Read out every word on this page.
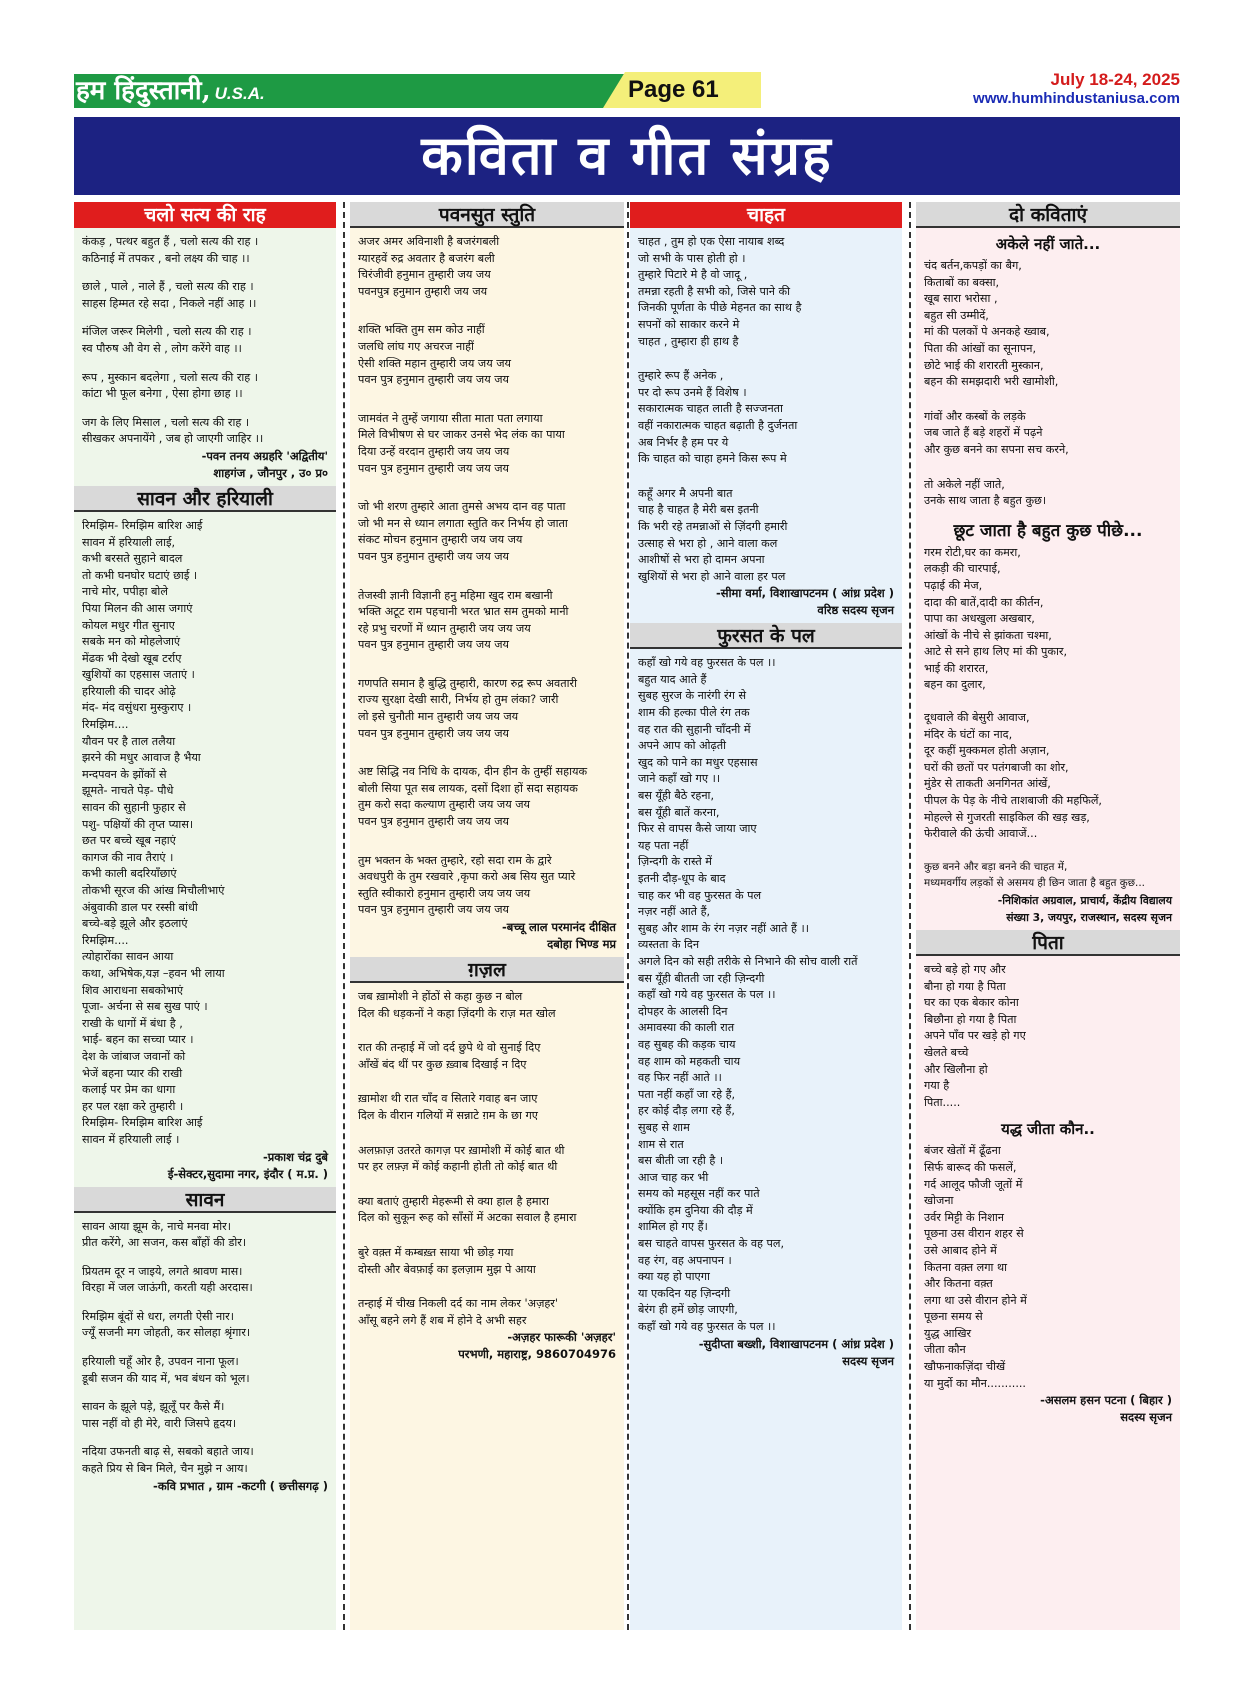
हम हिंदुस्तानी, U.S.A.	Page 61	July 18-24, 2025
www.humhindustaniusa.com
कविता व गीत संग्रह
चलो सत्य की राह
कंकड़ , पत्थर बहुत हैं , चलो सत्य की राह ।
कठिनाई में तपकर , बनो लक्ष्य की चाह ।।
छाले , पाले , नाले हैं , चलो सत्य की राह ।
साहस हिम्मत रहे सदा , निकले नहीं आह ।।
मंजिल जरूर मिलेगी , चलो सत्य की राह ।
स्व पौरुष औ वेग से , लोग करेंगे वाह ।।
रूप , मुस्कान बदलेगा , चलो सत्य की राह ।
कांटा भी फूल बनेगा , ऐसा होगा छाह ।।
जग के लिए मिसाल , चलो सत्य की राह ।
सीखकर अपनायेंगे , जब हो जाएगी जाहिर ।।
-पवन तनय अग्रहरि 'अद्वितीय'
शाहगंज , जौनपुर , उ० प्र०
सावन और हरियाली
रिमझिम- रिमझिम बारिश आई
सावन में हरियाली लाई,
कभी बरसते सुहाने बादल
तो कभी घनघोर घटाएं छाई ।
नाचे मोर, पपीहा बोले
पिया मिलन की आस जगाएं
कोयल मधुर गीत सुनाए
सबके मन को मोहलेजाएं
मेंढक भी देखो खूब टर्राए
खुशियों का एहसास जताएं ।
हरियाली की चादर ओढ़े
मंद- मंद वसुंधरा मुस्कुराए ।
रिमझिम....
यौवन पर है ताल तलैया
झरने की मधुर आवाज है भैया
मन्दपवन के झोंकों से
झूमते- नाचते पेड़- पौधे
सावन की सुहानी फुहार से
पशु- पक्षियों की तृप्त प्यास।
छत पर बच्चे खूब नहाएं
कागज की नाव तैराएं ।
कभी काली बदरियाँछाएं
तोकभी सूरज की आंख मिचौलीभाएं
अंबुवाकी डाल पर रस्सी बांधी
बच्चे-बड़े झूले और इठलाएं
रिमझिम....
त्योहारोंका सावन आया
कथा, अभिषेक,यज्ञ –हवन भी लाया
शिव आराधना सबकोभाएं
पूजा- अर्चना से सब सुख पाएं ।
राखी के धागों में बंधा है ,
भाई- बहन का सच्चा प्यार ।
देश के जांबाज जवानों को
भेजें बहना प्यार की राखी
कलाई पर प्रेम का धागा
हर पल रक्षा करे तुम्हारी ।
रिमझिम- रिमझिम बारिश आई
सावन में हरियाली लाई ।
-प्रकाश चंद्र दुबे
ई-सेक्टर,सुदामा नगर, इंदौर ( म.प्र. )
सावन
सावन आया झूम के, नाचे मनवा मोर।
प्रीत करेंगे, आ सजन, कस बाँहों की डोर।
प्रियतम दूर न जाइये, लगते श्रावण मास।
विरहा में जल जाऊंगी, करती यही अरदास।
रिमझिम बूंदों से धरा, लगती ऐसी नार।
ज्यूँ सजनी मग जोहती, कर सोलहा श्रृंगार।
हरियाली चहूँ ओर है, उपवन नाना फूल।
डूबी सजन की याद में, भव बंधन को भूल।
सावन के झूले पड़े, झूलूँ पर कैसे मैं।
पास नहीं वो ही मेरे, वारी जिसपे हृदय।
नदिया उफनती बाढ़ से, सबको बहाते जाय।
कहते प्रिय से बिन मिले, चैन मुझे न आय।
-कवि प्रभात , ग्राम -कटगी ( छत्तीसगढ़ )
पवनसुत स्तुति
अजर अमर अविनाशी है बजरंगबली
ग्यारहवें रुद्र अवतार है बजरंग बली
चिरंजीवी हनुमान तुम्हारी जय जय
पवनपुत्र हनुमान तुम्हारी जय जय
शक्ति भक्ति तुम सम कोउ नाहीं
जलधि लांघ गए अचरज नाहीं
ऐसी शक्ति महान तुम्हारी जय जय जय
पवन पुत्र हनुमान तुम्हारी जय जय जय
जामवंत ने तुम्हें जगाया सीता माता पता लगाया
मिले विभीषण से घर जाकर उनसे भेद लंक का पाया
दिया उन्हें वरदान तुम्हारी जय जय जय
पवन पुत्र हनुमान तुम्हारी जय जय जय
जो भी शरण तुम्हारे आता तुमसे अभय दान वह पाता
जो भी मन से ध्यान लगाता स्तुति कर निर्भय हो जाता
संकट मोचन हनुमान तुम्हारी जय जय जय
पवन पुत्र हनुमान तुम्हारी जय जय जय
तेजस्वी ज्ञानी विज्ञानी हनु महिमा खुद राम बखानी
भक्ति अटूट राम पहचानी भरत भ्रात सम तुमको मानी
रहे प्रभु चरणों में ध्यान तुम्हारी जय जय जय
पवन पुत्र हनुमान तुम्हारी जय जय जय
गणपति समान है बुद्धि तुम्हारी, कारण रुद्र रूप अवतारी
राज्य सुरक्षा देखी सारी, निर्भय हो तुम लंका? जारी
लो इसे चुनौती मान तुम्हारी जय जय जय
पवन पुत्र हनुमान तुम्हारी जय जय जय
अष्ट सिद्धि नव निधि के दायक, दीन हीन के तुम्हीं सहायक
बोली सिया पूत सब लायक, दसों दिशा हों सदा सहायक
तुम करो सदा कल्याण तुम्हारी जय जय जय
पवन पुत्र हनुमान तुम्हारी जय जय जय
तुम भक्तन के भक्त तुम्हारे, रहो सदा राम के द्वारे
अवधपुरी के तुम रखवारे ,कृपा करो अब सिय सुत प्यारे
स्तुति स्वीकारो हनुमान तुम्हारी जय जय जय
पवन पुत्र हनुमान तुम्हारी जय जय जय
-बच्चू लाल परमानंद दीक्षित
दबोहा भिण्ड मप्र
ग़ज़ल
जब ख़ामोशी ने होंठों से कहा कुछ न बोल
दिल की धड़कनों ने कहा ज़िंदगी के राज़ मत खोल
रात की तन्हाई में जो दर्द छुपे थे वो सुनाई दिए
आँखें बंद थीं पर कुछ ख़्वाब दिखाई न दिए
ख़ामोश थी रात चाँद व सितारे गवाह बन जाए
दिल के वीरान गलियों में सन्नाटे ग़म के छा गए
अलफ़ाज़ उतरते कागज़ पर ख़ामोशी में कोई बात थी
पर हर लफ़्ज़ में कोई कहानी होती तो कोई बात थी
क्या बताएं तुम्हारी मेहरूमी से क्या हाल है हमारा
दिल को सुकून रूह को साँसों में अटका सवाल है हमारा
बुरे वक़्त में कम्बख़्त साया भी छोड़ गया
दोस्ती और बेवफ़ाई का इलज़ाम मुझ पे आया
तन्हाई में चीख निकली दर्द का नाम लेकर 'अज़हर'
आँसू बहने लगे हैं शब में होने दे अभी सहर
-अज़हर फारूकी 'अज़हर'
परभणी, महाराष्ट्र, 9860704976
चाहत
चाहत , तुम हो एक ऐसा नायाब शब्द
जो सभी के पास होती हो ।
तुम्हारे पिटारे मे है वो जादू ,
तमन्ना रहती है सभी को, जिसे पाने की
जिनकी पूर्णता के पीछे मेहनत का साथ है
सपनों को साकार करने मे
चाहत , तुम्हारा ही हाथ है
तुम्हारे रूप हैं अनेक ,
पर दो रूप उनमे हैं विशेष ।
सकारात्मक चाहत लाती है सज्जनता
वहीं नकारात्मक चाहत बढ़ाती है दुर्जनता
अब निर्भर है हम पर ये
कि चाहत को चाहा हमने किस रूप मे
कहूँ अगर मै अपनी बात
चाह है चाहत है मेरी बस इतनी
कि भरी रहे तमन्नाओं से ज़िंदगी हमारी
उत्साह से भरा हो , आने वाला कल
आशीषों से भरा हो दामन अपना
खुशियों से भरा हो आने वाला हर पल
-सीमा वर्मा, विशाखापटनम ( आंध्र प्रदेश )
वरिष्ठ सदस्य सृजन
फुरसत के पल
कहाँ खो गये वह फुरसत के पल ।।
बहुत याद आते हैं
सुबह सुरज के नारंगी रंग से
शाम की हल्का पीले रंग तक
वह रात की सुहानी चाँदनी में
अपने आप को ओढ़ती
खुद को पाने का मधुर एहसास
जाने कहाँ खो गए ।।
बस यूँही बैठे रहना,
बस यूँही बातें करना,
फिर से वापस कैसे जाया जाए
यह पता नहीं
ज़िन्दगी के रास्ते में
इतनी दौड़-धूप के बाद
चाह कर भी वह फुरसत के पल
नज़र नहीं आते हैं,
सुबह और शाम के रंग नज़र नहीं आते हैं ।।
व्यस्तता के दिन
अगले दिन को सही तरीके से निभाने की सोच वाली रातें
बस यूँही बीतती जा रही ज़िन्दगी
कहाँ खो गये वह फुरसत के पल ।।
दोपहर के आलसी दिन
अमावस्या की काली रात
वह सुबह की कड़क चाय
वह शाम को महकती चाय
वह फिर नहीं आते ।।
पता नहीं कहाँ जा रहे हैं,
हर कोई दौड़ लगा रहे हैं,
सुबह से शाम
शाम से रात
बस बीती जा रही है ।
आज चाह कर भी
समय को महसूस नहीं कर पाते
क्योंकि हम दुनिया की दौड़ में
शामिल हो गए हैं।
बस चाहते वापस फुरसत के वह पल,
वह रंग, वह अपनापन ।
क्या यह हो पाएगा
या एकदिन यह ज़िन्दगी
बेरंग ही हमें छोड़ जाएगी,
कहाँ खो गये वह फुरसत के पल ।।
-सुदीप्ता बख्शी, विशाखापटनम ( आंध्र प्रदेश )
सदस्य सृजन
दो कविताएं
अकेले नहीं जाते...
चंद बर्तन,कपड़ों का बैग,
किताबों का बक्सा,
खूब सारा भरोसा ,
बहुत सी उम्मीदें,
मां की पलकों पे अनकहे ख्वाब,
पिता की आंखों का सूनापन,
छोटे भाई की शरारती मुस्कान,
बहन की समझदारी भरी खामोशी,
गांवों और कस्बों के लड़के
जब जाते हैं बड़े शहरों में पढ़ने
और कुछ बनने का सपना सच करने,
तो अकेले नहीं जाते,
उनके साथ जाता है बहुत कुछ।
छूट जाता है बहुत कुछ पीछे...
गरम रोटी,घर का कमरा,
लकड़ी की चारपाई,
पढ़ाई की मेज,
दादा की बातें,दादी का कीर्तन,
पापा का अधखुला अखबार,
आंखों के नीचे से झांकता चश्मा,
आटे से सने हाथ लिए मां की पुकार,
भाई की शरारत,
बहन का दुलार,
दूधवाले की बेसुरी आवाज,
मंदिर के घंटों का नाद,
दूर कहीं मुक्कमल होती अज़ान,
घरों की छतों पर पतंगबाजी का शोर,
मुंडेर से ताकती अनगिनत आंखें,
पीपल के पेड़ के नीचे ताशबाजी की महफिलें,
मोहल्ले से गुजरती साइकिल की खड़ खड़,
फेरीवाले की ऊंची आवाजें...
कुछ बनने और बड़ा बनने की चाहत में,
मध्यमवर्गीय लड़कों से असमय ही छिन जाता है बहुत कुछ...
-निशिकांत अग्रवाल, प्राचार्य, केंद्रीय विद्यालय
संख्या 3, जयपुर, राजस्थान, सदस्य सृजन
पिता
बच्चे बड़े हो गए और
बौना हो गया है पिता
घर का एक बेकार कोना
बिछौना हो गया है पिता
अपने पाँव पर खड़े हो गए
खेलते बच्चे
और खिलौना हो
गया है
पिता.....
यद्ध जीता कौन..
बंजर खेतों में ढूँढना
सिर्फ बारूद की फसलें,
गर्द आलूद फौजी जूतों में
खोजना
उर्वर मिट्टी के निशान
पूछना उस वीरान शहर से
उसे आबाद होने में
कितना वक़्त लगा था
और कितना वक़्त
लगा था उसे वीरान होने में
पूछना समय से
युद्ध आखिर
जीता कौन
खौफनाकज़िंदा चीखें
या मुर्दो का मौन...........
-असलम हसन पटना ( बिहार )
सदस्य सृजन
